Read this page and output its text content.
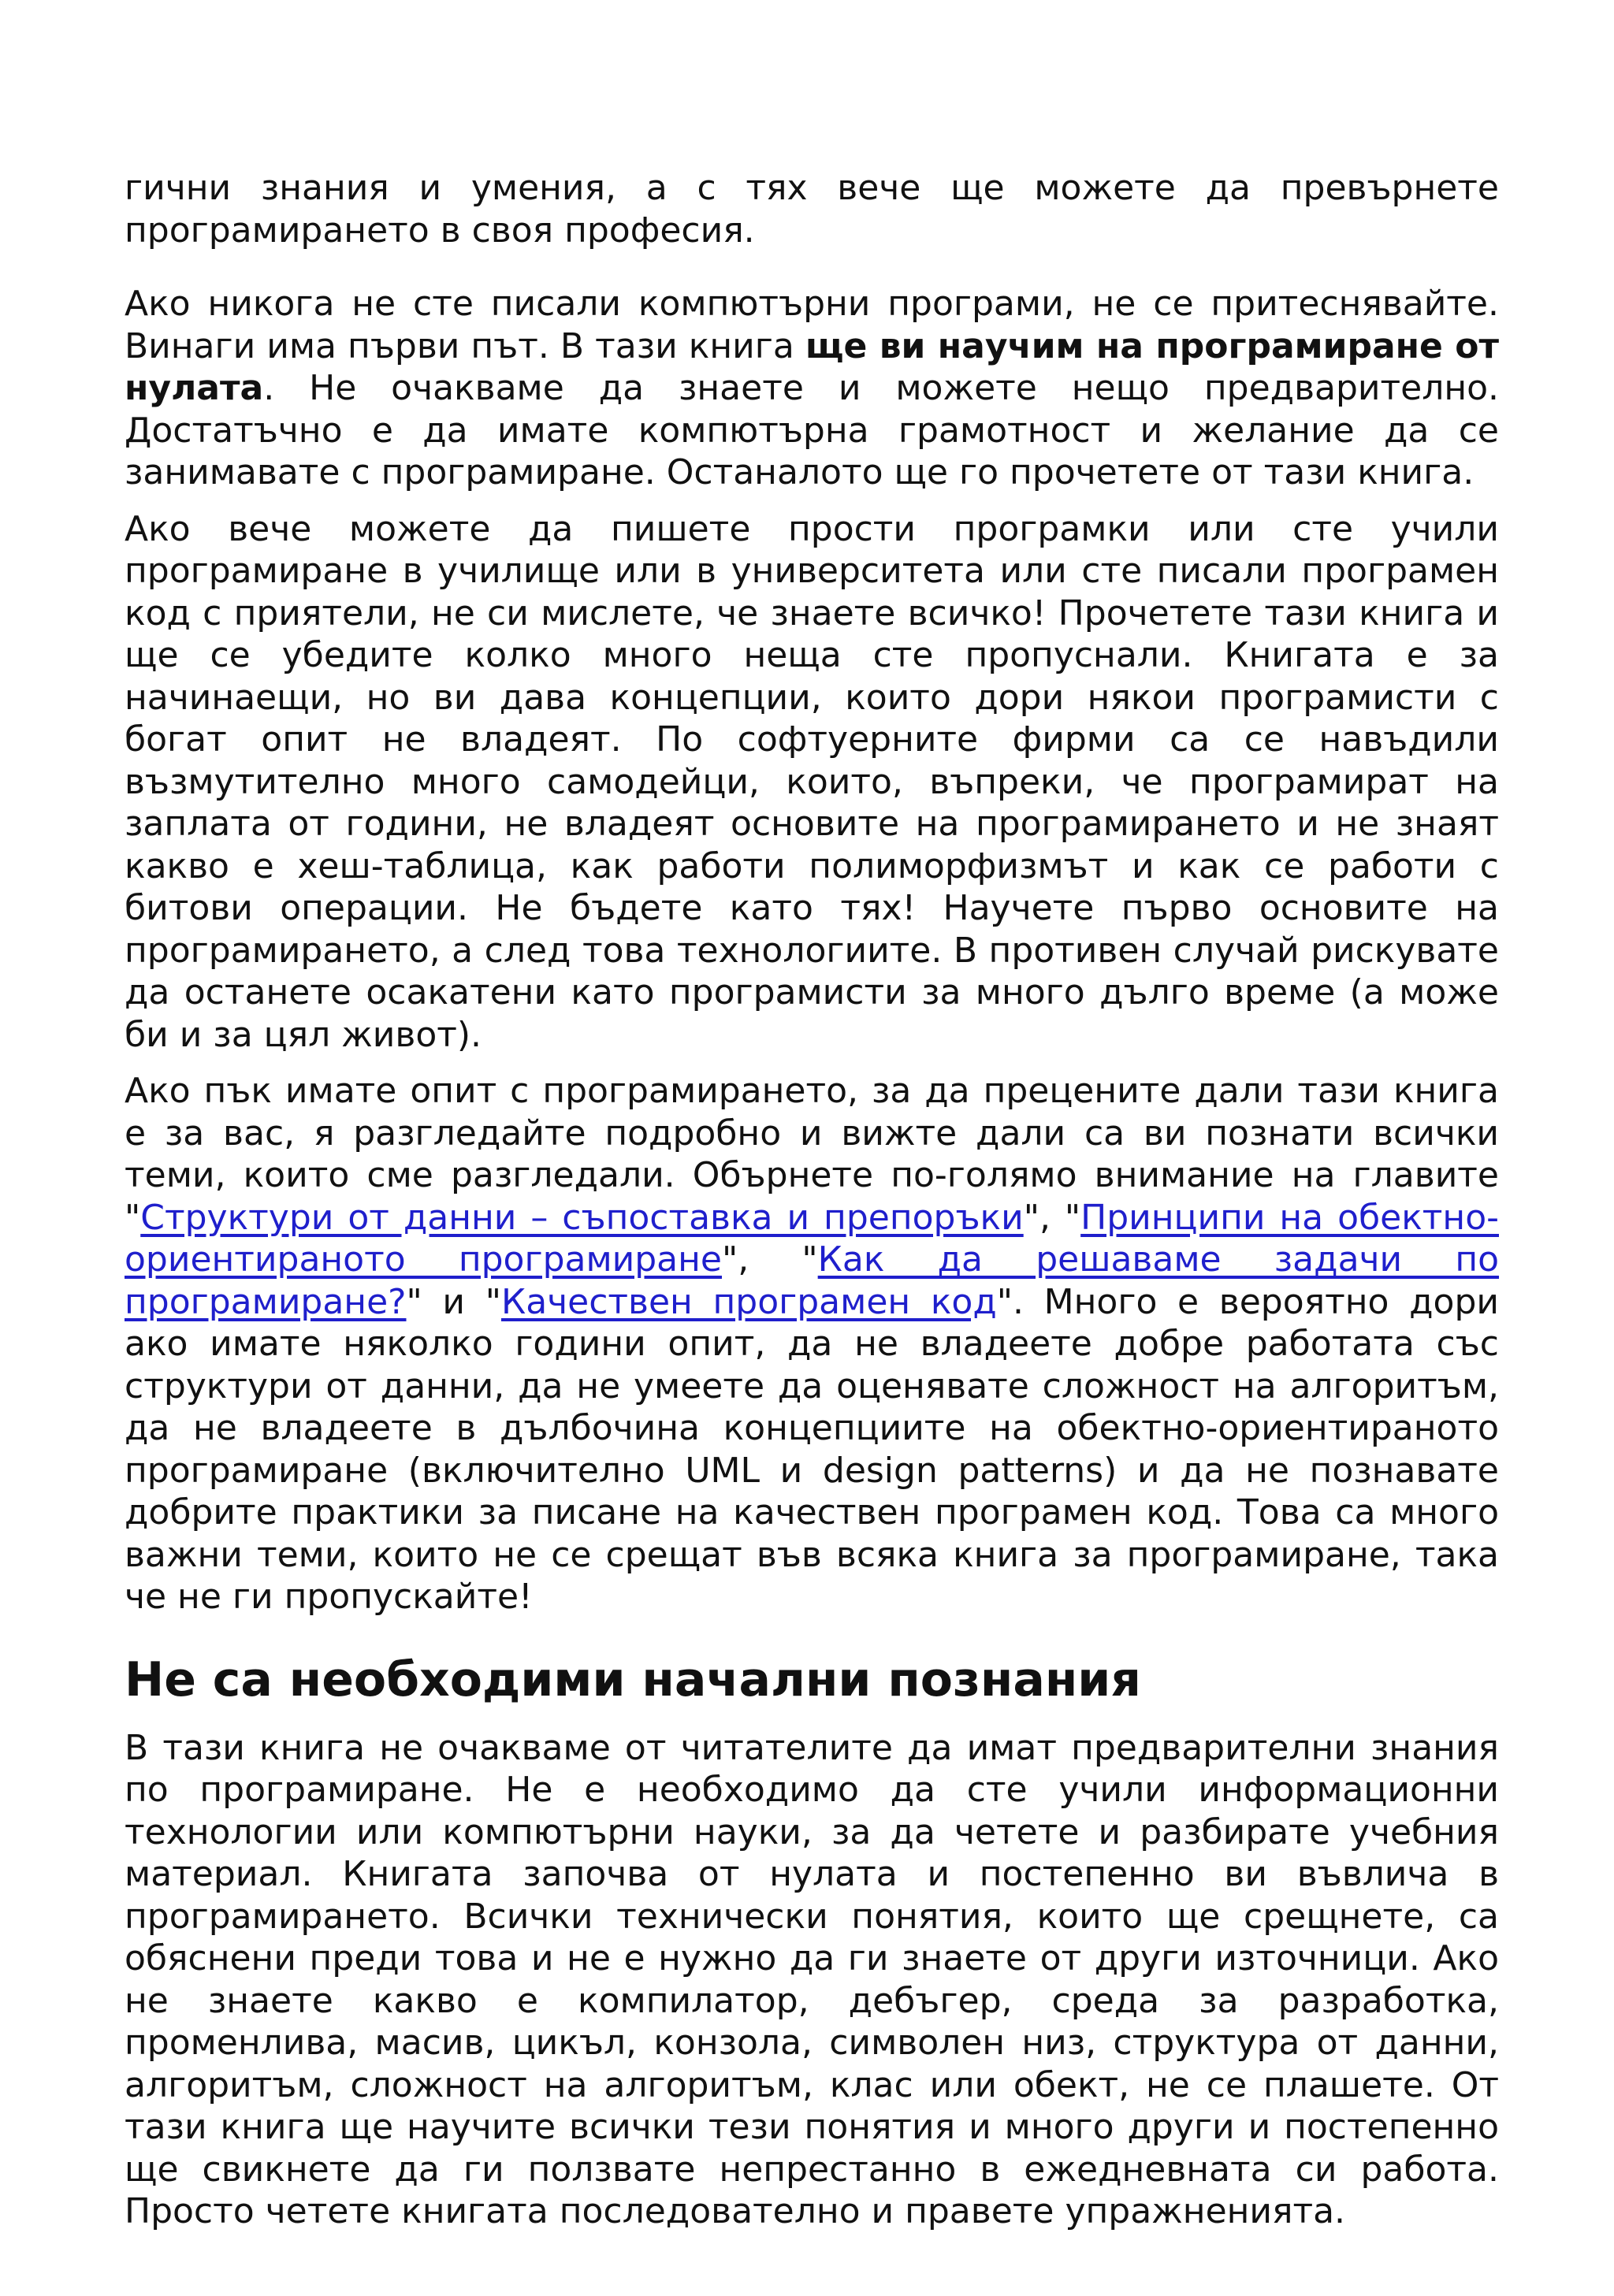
гични знания и умения, а с тях вече ще можете да превърнете програмирането в своя професия.

Ако никога не сте писали компютърни програми, не се притеснявайте. Винаги има първи път. В тази книга ще ви научим на програмиране от нулата. Не очакваме да знаете и можете нещо предварително. Достатъчно е да имате компютърна грамотност и желание да се занимавате с програмиране. Останалото ще го прочетете от тази книга.

Ако вече можете да пишете прости програмки или сте учили програмиране в училище или в университета или сте писали програмен код с приятели, не си мислете, че знаете всичко! Прочетете тази книга и ще се убедите колко много неща сте пропуснали. Книгата е за начинаещи, но ви дава концепции, които дори някои програмисти с богат опит не владеят. По софтуерните фирми са се навъдили възмутително много самодейци, които, въпреки, че програмират на заплата от години, не владеят основите на програмирането и не знаят какво е хеш-таблица, как работи полиморфизмът и как се работи с битови операции. Не бъдете като тях! Научете първо основите на програмирането, а след това технологиите. В противен случай рискувате да останете осакатени като програмисти за много дълго време (а може би и за цял живот).

Ако пък имате опит с програмирането, за да прецените дали тази книга е за вас, я разгледайте подробно и вижте дали са ви познати всички теми, които сме разгледали. Обърнете по-голямо внимание на главите "Структури от данни – съпоставка и препоръки", "Принципи на обектно-ориентираното програмиране", "Как да решаваме задачи по програмиране?" и "Качествен програмен код". Много е вероятно дори ако имате няколко години опит, да не владеете добре работата със структури от данни, да не умеете да оценявате сложност на алгоритъм, да не владеете в дълбочина концепциите на обектно-ориентираното програмиране (включително UML и design patterns) и да не познавате добрите практики за писане на качествен програмен код. Това са много важни теми, които не се срещат във всяка книга за програмиране, така че не ги пропускайте!

Не са необходими начални познания

В тази книга не очакваме от читателите да имат предварителни знания по програмиране. Не е необходимо да сте учили информационни технологии или компютърни науки, за да четете и разбирате учебния материал. Книгата започва от нулата и постепенно ви въвлича в програмирането. Всички технически понятия, които ще срещнете, са обяснени преди това и не е нужно да ги знаете от други източници. Ако не знаете какво е компилатор, дебъгер, среда за разработка, променлива, масив, цикъл, конзола, символен низ, структура от данни, алгоритъм, сложност на алгоритъм, клас или обект, не се плашете. От тази книга ще научите всички тези понятия и много други и постепенно ще свикнете да ги ползвате непрестанно в ежедневната си работа. Просто четете книгата последователно и правете упражненията.
